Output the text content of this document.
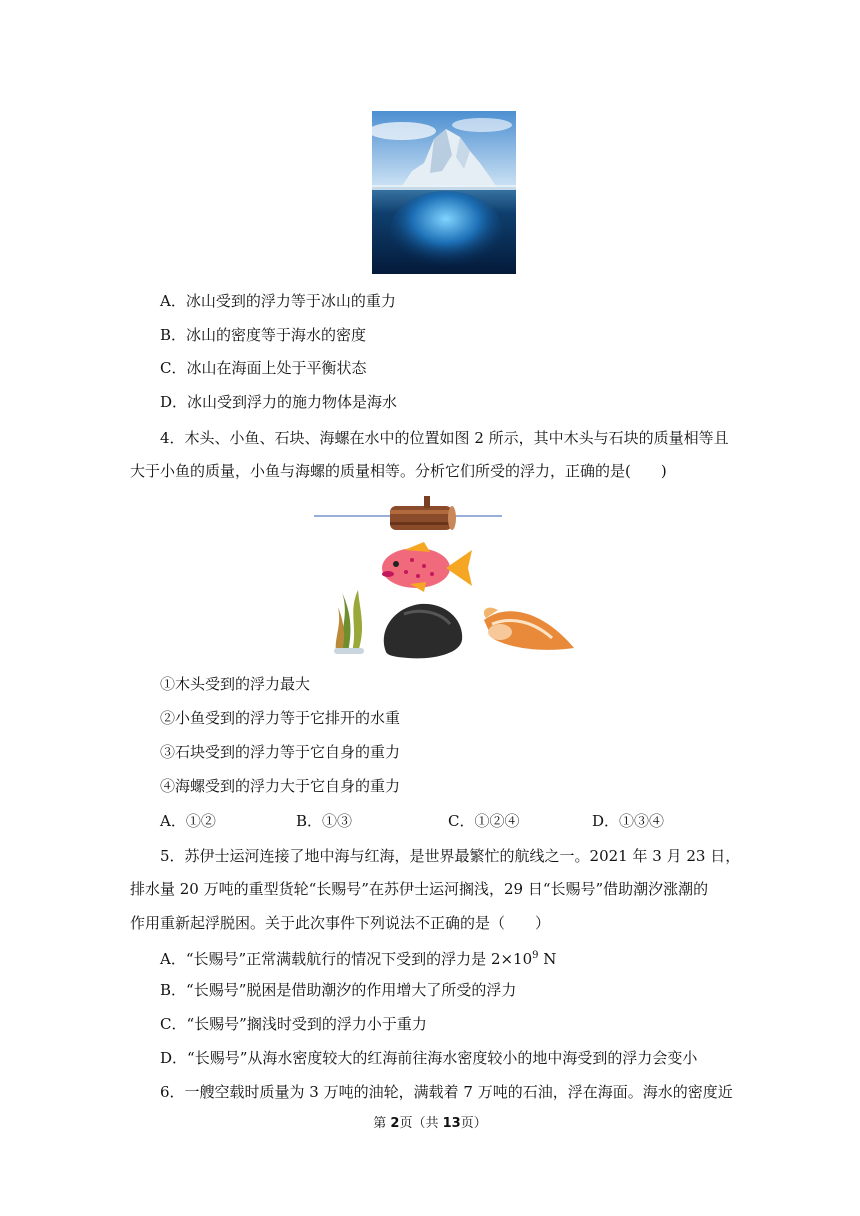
A．冰山受到的浮力等于冰山的重力
B．冰山的密度等于海水的密度
C．冰山在海面上处于平衡状态
D．冰山受到浮力的施力物体是海水
4．木头、小鱼、石块、海螺在水中的位置如图 2 所示，其中木头与石块的质量相等且
大于小鱼的质量，小鱼与海螺的质量相等。分析它们所受的浮力，正确的是(　　)
①木头受到的浮力最大
②小鱼受到的浮力等于它排开的水重
③石块受到的浮力等于它自身的重力
④海螺受到的浮力大于它自身的重力
A．①②	B．①③	C．①②④	D．①③④
5．苏伊士运河连接了地中海与红海，是世界最繁忙的航线之一。2021 年 3 月 23 日，
排水量 20 万吨的重型货轮“长赐号”在苏伊士运河搁浅，29 日“长赐号”借助潮汐涨潮的
作用重新起浮脱困。关于此次事件下列说法不正确的是（　　）
A．“长赐号”正常满载航行的情况下受到的浮力是 $2\times 10^9$ N
B．“长赐号”脱困是借助潮汐的作用增大了所受的浮力
C．“长赐号”搁浅时受到的浮力小于重力
D．“长赐号”从海水密度较大的红海前往海水密度较小的地中海受到的浮力会变小
6．一艘空载时质量为 3 万吨的油轮，满载着 7 万吨的石油，浮在海面。海水的密度近
第 2页（共 13页）
